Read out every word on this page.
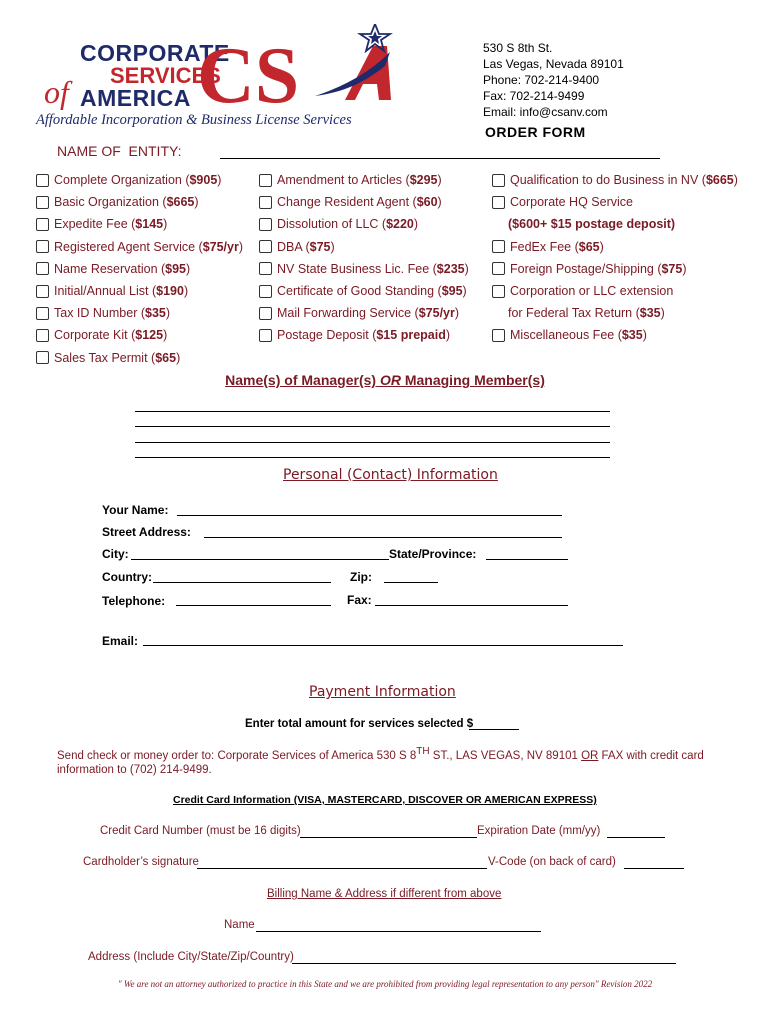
CORPORATE
SERVICES
of AMERICA CS
Affordable Incorporation & Business License Services
530 S 8th St.
Las Vegas, Nevada 89101
Phone: 702-214-9400
Fax: 702-214-9499
Email: info@csanv.com
ORDER FORM
NAME OF  ENTITY:
Complete Organization ($905)
Basic Organization ($665)
Expedite Fee ($145)
Registered Agent Service ($75/yr)
Name Reservation ($95)
Initial/Annual List ($190)
Tax ID Number ($35)
Corporate Kit ($125)
Sales Tax Permit ($65)
Amendment to Articles ($295)
Change Resident Agent ($60)
Dissolution of LLC ($220)
DBA ($75)
NV State Business Lic. Fee ($235)
Certificate of Good Standing ($95)
Mail Forwarding Service ($75/yr)
Postage Deposit ($15 prepaid)
Qualification to do Business in NV ($665)
Corporate HQ Service
($600+ $15 postage deposit)
FedEx Fee ($65)
Foreign Postage/Shipping ($75)
Corporation or LLC extension
for Federal Tax Return ($35)
Miscellaneous Fee ($35)
Name(s) of Manager(s) OR Managing Member(s)
Personal (Contact) Information
Your Name:
Street Address:
City:	State/Province:
Country:	Zip:
Telephone:	Fax:
Email:
Payment Information
Enter total amount for services selected $
Send check or money order to: Corporate Services of America 530 S 8TH ST., LAS VEGAS, NV 89101 OR FAX with credit card
information to (702) 214-9499.
Credit Card Information (VISA, MASTERCARD, DISCOVER OR AMERICAN EXPRESS)
Credit Card Number (must be 16 digits)	Expiration Date (mm/yy)
Cardholder’s signature	V-Code (on back of card)
Billing Name & Address if different from above
Name
Address (Include City/State/Zip/Country)
" We are not an attorney authorized to practice in this State and we are prohibited from providing legal representation to any person" Revision 2022
